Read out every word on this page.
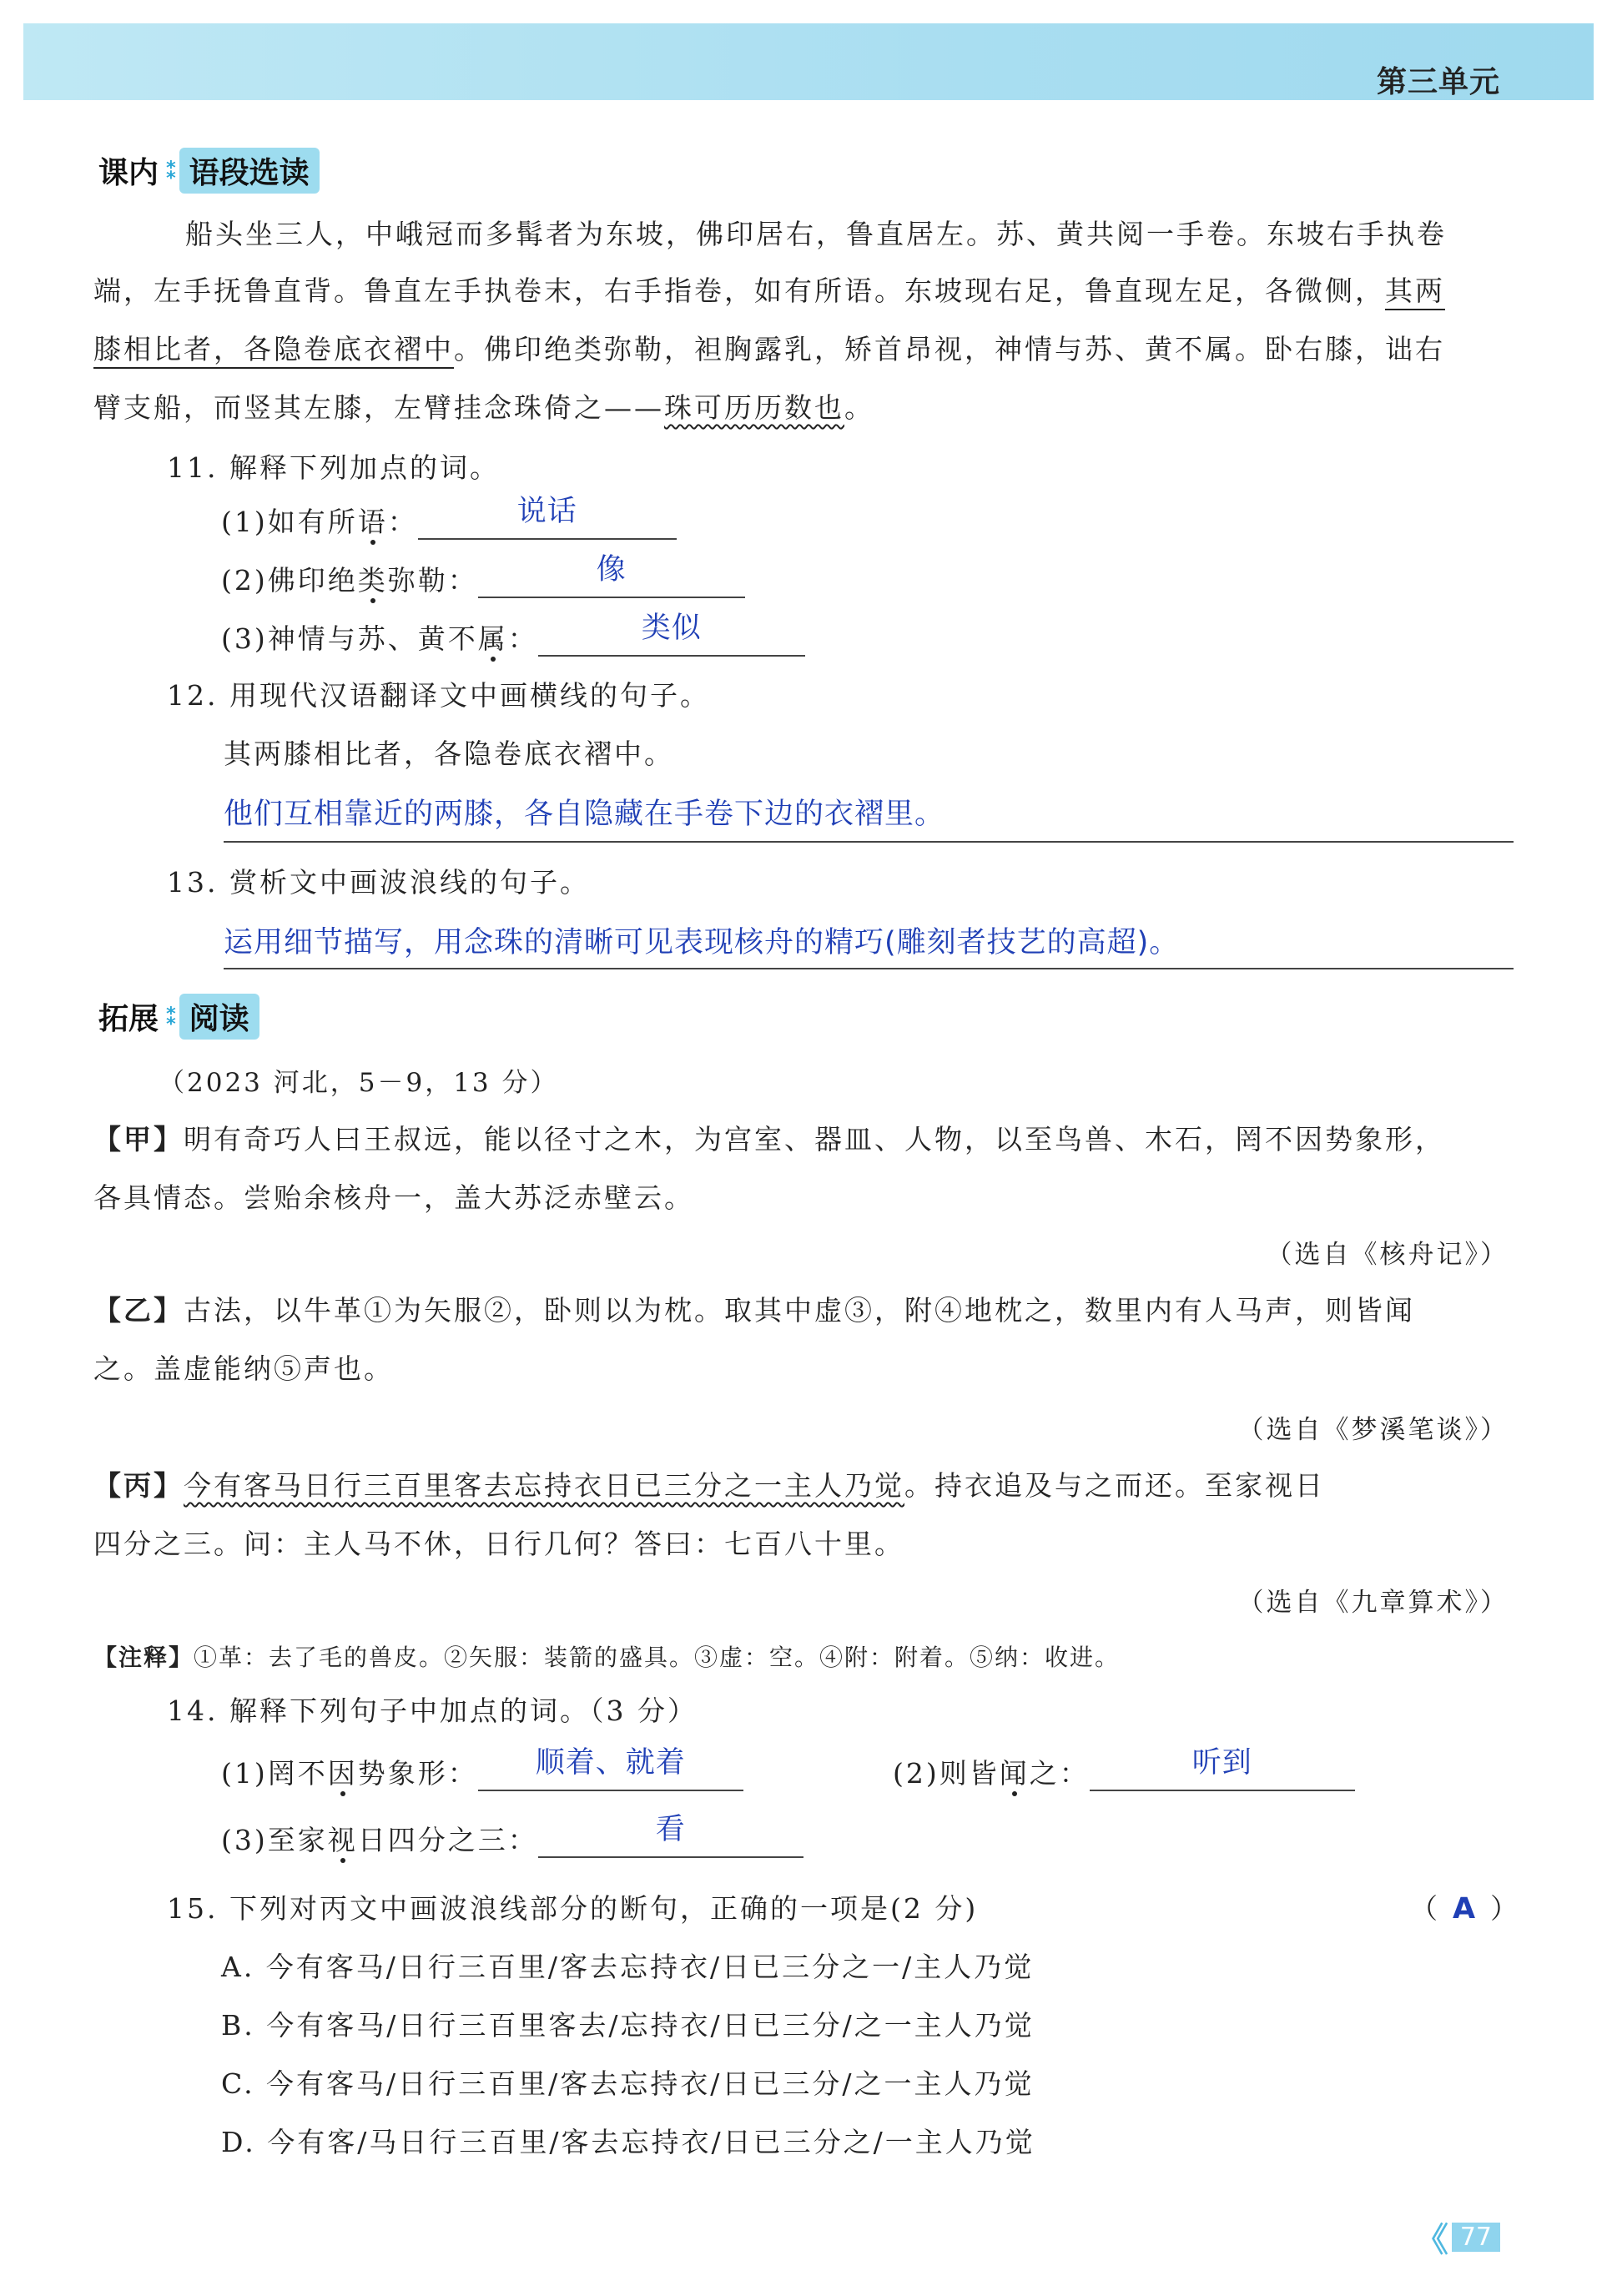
第三单元
课内 ⁑ 语段选读
船头坐三人，中峨冠而多髯者为东坡，佛印居右，鲁直居左。苏、黄共阅一手卷。东坡右手执卷
端，左手抚鲁直背。鲁直左手执卷末，右手指卷，如有所语。东坡现右足，鲁直现左足，各微侧，其两
膝相比者，各隐卷底衣褶中。佛印绝类弥勒，袒胸露乳，矫首昂视，神情与苏、黄不属。卧右膝，诎右
臂支船，而竖其左膝，左臂挂念珠倚之——珠可历历数也。
11. 解释下列加点的词。
(1)如有所语：	说话
(2)佛印绝类弥勒：	像
(3)神情与苏、黄不属：	类似
12. 用现代汉语翻译文中画横线的句子。
其两膝相比者，各隐卷底衣褶中。
他们互相靠近的两膝，各自隐藏在手卷下边的衣褶里。
13. 赏析文中画波浪线的句子。
运用细节描写，用念珠的清晰可见表现核舟的精巧(雕刻者技艺的高超)。
拓展 ⁑ 阅读
（2023 河北，5－9，13 分）
【甲】明有奇巧人曰王叔远，能以径寸之木，为宫室、器皿、人物，以至鸟兽、木石，罔不因势象形，
各具情态。尝贻余核舟一，盖大苏泛赤壁云。
（选自《核舟记》）
【乙】古法，以牛革①为矢服②，卧则以为枕。取其中虚③，附④地枕之，数里内有人马声，则皆闻
之。盖虚能纳⑤声也。
（选自《梦溪笔谈》）
【丙】今有客马日行三百里客去忘持衣日已三分之一主人乃觉。持衣追及与之而还。至家视日
四分之三。问：主人马不休，日行几何？答曰：七百八十里。
（选自《九章算术》）
【注释】①革：去了毛的兽皮。②矢服：装箭的盛具。③虚：空。④附：附着。⑤纳：收进。
14. 解释下列句子中加点的词。（3 分）
(1)罔不因势象形：	顺着、就着	(2)则皆闻之：	听到
(3)至家视日四分之三：	看
15. 下列对丙文中画波浪线部分的断句，正确的一项是(2 分)	（ A ）
A. 今有客马/日行三百里/客去忘持衣/日已三分之一/主人乃觉
B. 今有客马/日行三百里客去/忘持衣/日已三分/之一主人乃觉
C. 今有客马/日行三百里/客去忘持衣/日已三分/之一主人乃觉
D. 今有客/马日行三百里/客去忘持衣/日已三分之/一主人乃觉
《 77
